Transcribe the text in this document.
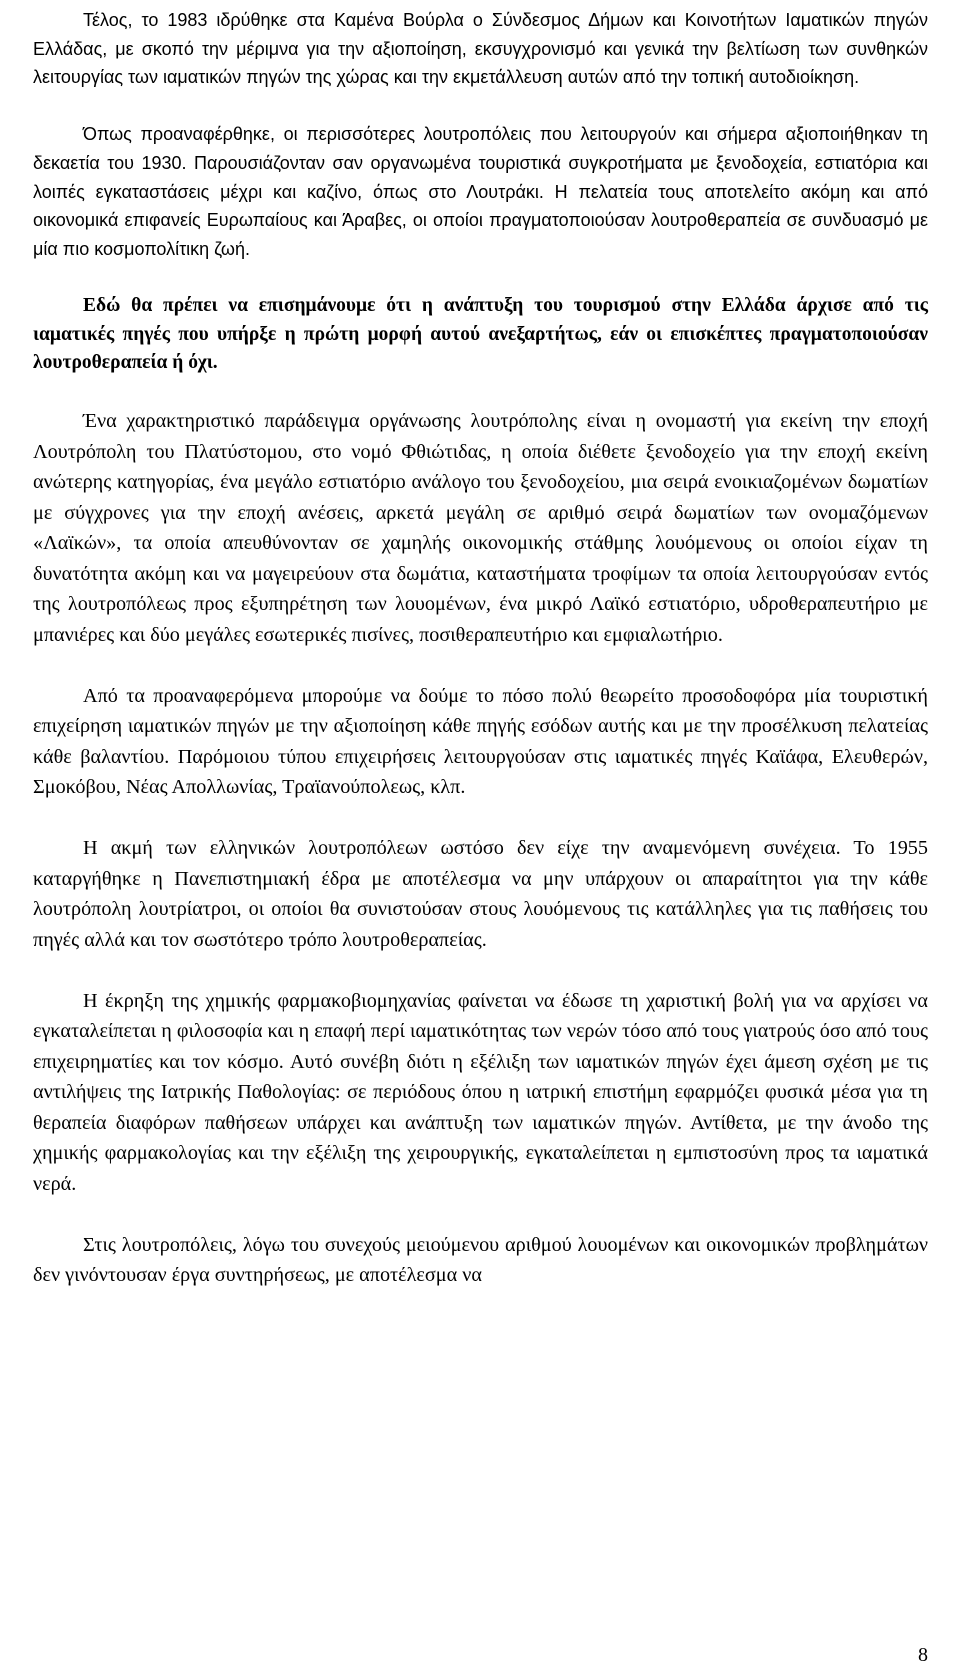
Τέλος, το 1983 ιδρύθηκε στα Καμένα Βούρλα ο Σύνδεσμος Δήμων και Κοινοτήτων Ιαματικών πηγών Ελλάδας, με σκοπό την μέριμνα για την αξιοποίηση, εκσυγχρονισμό και γενικά την βελτίωση των συνθηκών λειτουργίας των ιαματικών πηγών της χώρας και την εκμετάλλευση αυτών από την τοπική αυτοδιοίκηση.

Όπως προαναφέρθηκε, οι περισσότερες λουτροπόλεις που λειτουργούν και σήμερα αξιοποιήθηκαν τη δεκαετία του 1930. Παρουσιάζονταν σαν οργανωμένα τουριστικά συγκροτήματα με ξενοδοχεία, εστιατόρια και λοιπές εγκαταστάσεις μέχρι και καζίνο, όπως στο Λουτράκι. Η πελατεία τους αποτελείτο ακόμη και από οικονομικά επιφανείς Ευρωπαίους και Άραβες, οι οποίοι πραγματοποιούσαν λουτροθεραπεία σε συνδυασμό με μία πιο κοσμοπολίτικη ζωή.

Εδώ θα πρέπει να επισημάνουμε ότι η ανάπτυξη του τουρισμού στην Ελλάδα άρχισε από τις ιαματικές πηγές που υπήρξε η πρώτη μορφή αυτού ανεξαρτήτως, εάν οι επισκέπτες πραγματοποιούσαν λουτροθεραπεία ή όχι.

Ένα χαρακτηριστικό παράδειγμα οργάνωσης λουτρόπολης είναι η ονομαστή για εκείνη την εποχή Λουτρόπολη του Πλατύστομου, στο νομό Φθιώτιδας, η οποία διέθετε ξενοδοχείο για την εποχή εκείνη ανώτερης κατηγορίας, ένα μεγάλο εστιατόριο ανάλογο του ξενοδοχείου, μια σειρά ενοικιαζομένων δωματίων με σύγχρονες για την εποχή ανέσεις, αρκετά μεγάλη σε αριθμό σειρά δωματίων των ονομαζόμενων «Λαϊκών», τα οποία απευθύνονταν σε χαμηλής οικονομικής στάθμης λουόμενους οι οποίοι είχαν τη δυνατότητα ακόμη και να μαγειρεύουν στα δωμάτια, καταστήματα τροφίμων τα οποία λειτουργούσαν εντός της λουτροπόλεως προς εξυπηρέτηση των λουομένων, ένα μικρό Λαϊκό εστιατόριο, υδροθεραπευτήριο με μπανιέρες και δύο μεγάλες εσωτερικές πισίνες, ποσιθεραπευτήριο και εμφιαλωτήριο.

Από τα προαναφερόμενα μπορούμε να δούμε το πόσο πολύ θεωρείτο προσοδοφόρα μία τουριστική επιχείρηση ιαματικών πηγών με την αξιοποίηση κάθε πηγής εσόδων αυτής και με την προσέλκυση πελατείας κάθε βαλαντίου. Παρόμοιου τύπου επιχειρήσεις λειτουργούσαν στις ιαματικές πηγές Καϊάφα, Ελευθερών, Σμοκόβου, Νέας Απολλωνίας, Τραϊανούπολεως, κλπ.

Η ακμή των ελληνικών λουτροπόλεων ωστόσο δεν είχε την αναμενόμενη συνέχεια. Το 1955 καταργήθηκε η Πανεπιστημιακή έδρα με αποτέλεσμα να μην υπάρχουν οι απαραίτητοι για την κάθε λουτρόπολη λουτρίατροι, οι οποίοι θα συνιστούσαν στους λουόμενους τις κατάλληλες για τις παθήσεις του πηγές αλλά και τον σωστότερο τρόπο λουτροθεραπείας.

Η έκρηξη της χημικής φαρμακοβιομηχανίας φαίνεται να έδωσε τη χαριστική βολή για να αρχίσει να εγκαταλείπεται η φιλοσοφία και η επαφή περί ιαματικότητας των νερών τόσο από τους γιατρούς όσο από τους επιχειρηματίες και τον κόσμο. Αυτό συνέβη διότι η εξέλιξη των ιαματικών πηγών έχει άμεση σχέση με τις αντιλήψεις της Ιατρικής Παθολογίας: σε περιόδους όπου η ιατρική επιστήμη εφαρμόζει φυσικά μέσα για τη θεραπεία διαφόρων παθήσεων υπάρχει και ανάπτυξη των ιαματικών πηγών. Αντίθετα, με την άνοδο της χημικής φαρμακολογίας και την εξέλιξη της χειρουργικής, εγκαταλείπεται η εμπιστοσύνη προς τα ιαματικά νερά.

Στις λουτροπόλεις, λόγω του συνεχούς μειούμενου αριθμού λουομένων και οικονομικών προβλημάτων δεν γινόντουσαν έργα συντηρήσεως, με αποτέλεσμα να

8
